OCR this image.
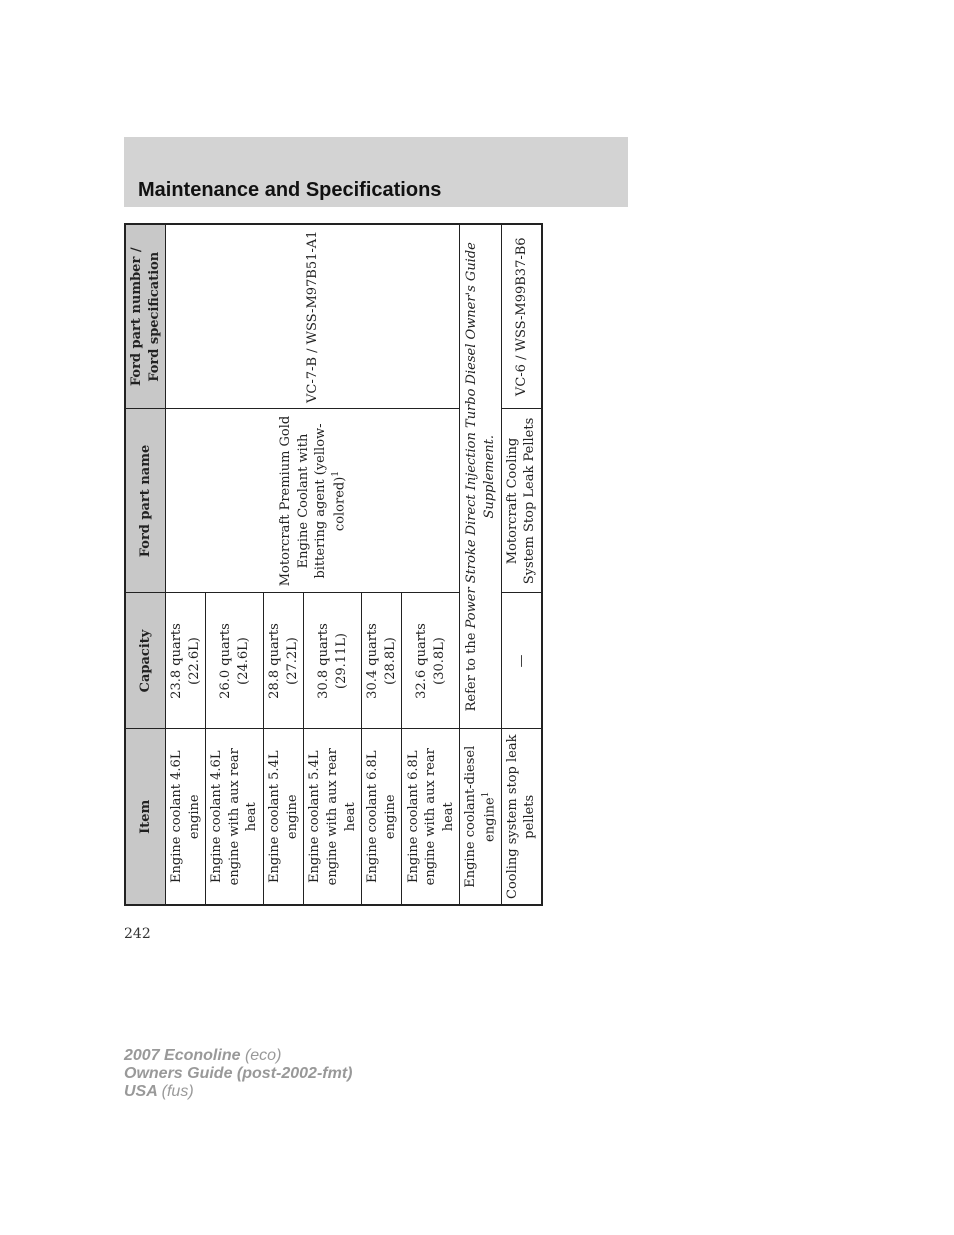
Maintenance and Specifications
Item	Capacity	Ford part name	Ford part number / Ford specification
Engine coolant 4.6L engine	23.8 quarts (22.6L)	Motorcraft Premium Gold Engine Coolant with bittering agent (yellow-colored)$^1$	VC-7-B / WSS-M97B51-A1
Engine coolant 4.6L engine with aux rear heat	26.0 quarts (24.6L)		
Engine coolant 5.4L engine	28.8 quarts (27.2L)		
Engine coolant 5.4L engine with aux rear heat	30.8 quarts (29.11L)		
Engine coolant 6.8L engine	30.4 quarts (28.8L)		
Engine coolant 6.8L engine with aux rear heat	32.6 quarts (30.8L)		
Engine coolant-diesel engine$^1$	Refer to the Power Stroke Direct Injection Turbo Diesel Owner's Guide Supplement.		
Cooling system stop leak pellets	—	Motorcraft Cooling System Stop Leak Pellets	VC-6 / WSS-M99B37-B6
242
2007 Econoline (eco)
Owners Guide (post-2002-fmt)
USA (fus)
